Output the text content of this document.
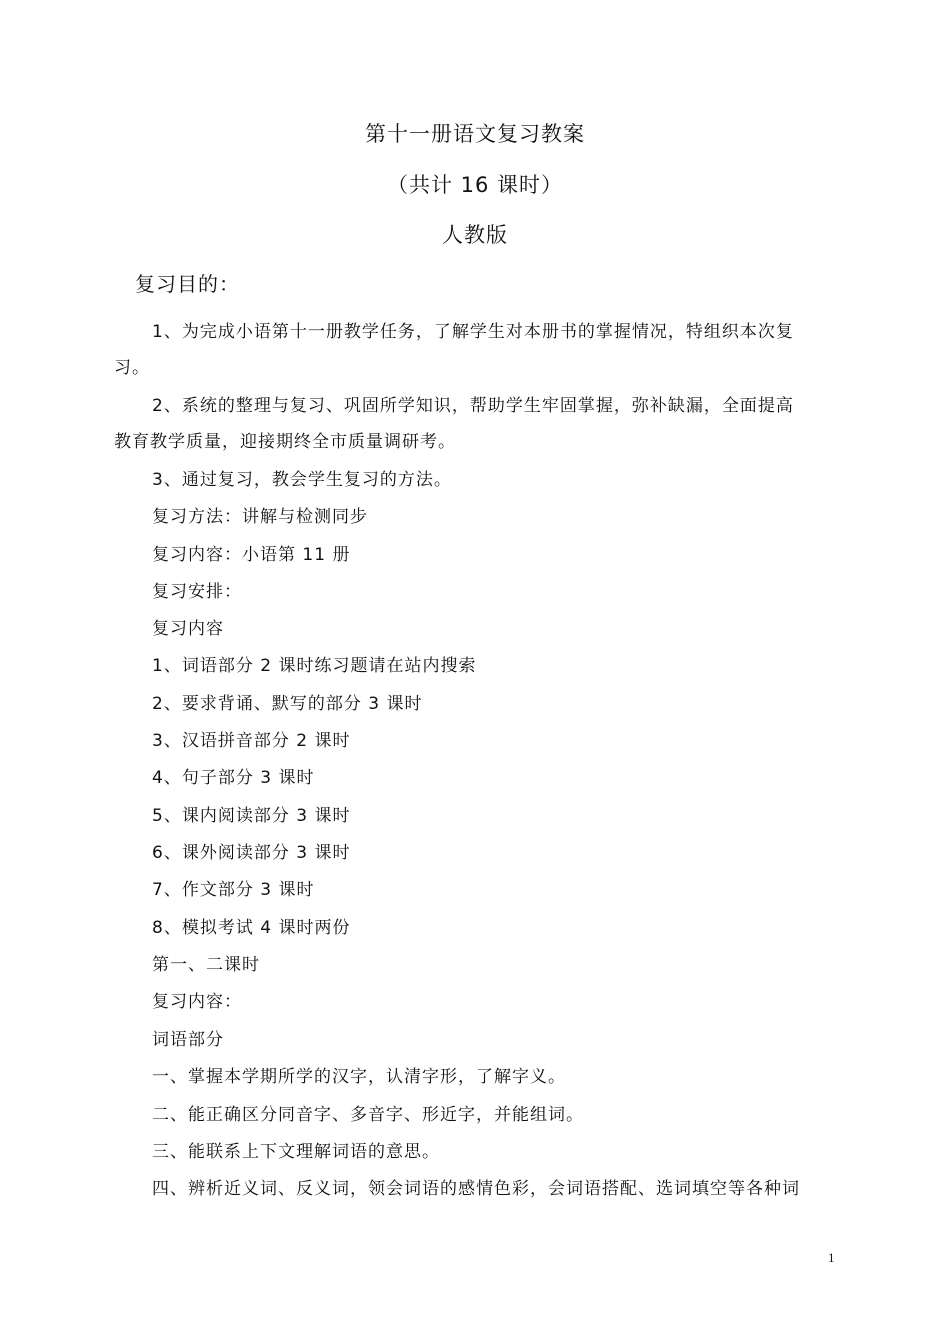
第十一册语文复习教案
（共计 16 课时）
人教版
复习目的：
1、为完成小语第十一册教学任务，了解学生对本册书的掌握情况，特组织本次复
习。
2、系统的整理与复习、巩固所学知识，帮助学生牢固掌握，弥补缺漏，全面提高
教育教学质量，迎接期终全市质量调研考。
3、通过复习，教会学生复习的方法。
复习方法：讲解与检测同步
复习内容：小语第 11 册
复习安排：
复习内容
1、词语部分 2 课时练习题请在站内搜索
2、要求背诵、默写的部分 3 课时
3、汉语拼音部分 2 课时
4、句子部分 3 课时
5、课内阅读部分 3 课时
6、课外阅读部分 3 课时
7、作文部分 3 课时
8、模拟考试 4 课时两份
第一、二课时
复习内容：
词语部分
一、掌握本学期所学的汉字，认清字形，了解字义。
二、能正确区分同音字、多音字、形近字，并能组词。
三、能联系上下文理解词语的意思。
四、辨析近义词、反义词，领会词语的感情色彩，会词语搭配、选词填空等各种词
1
